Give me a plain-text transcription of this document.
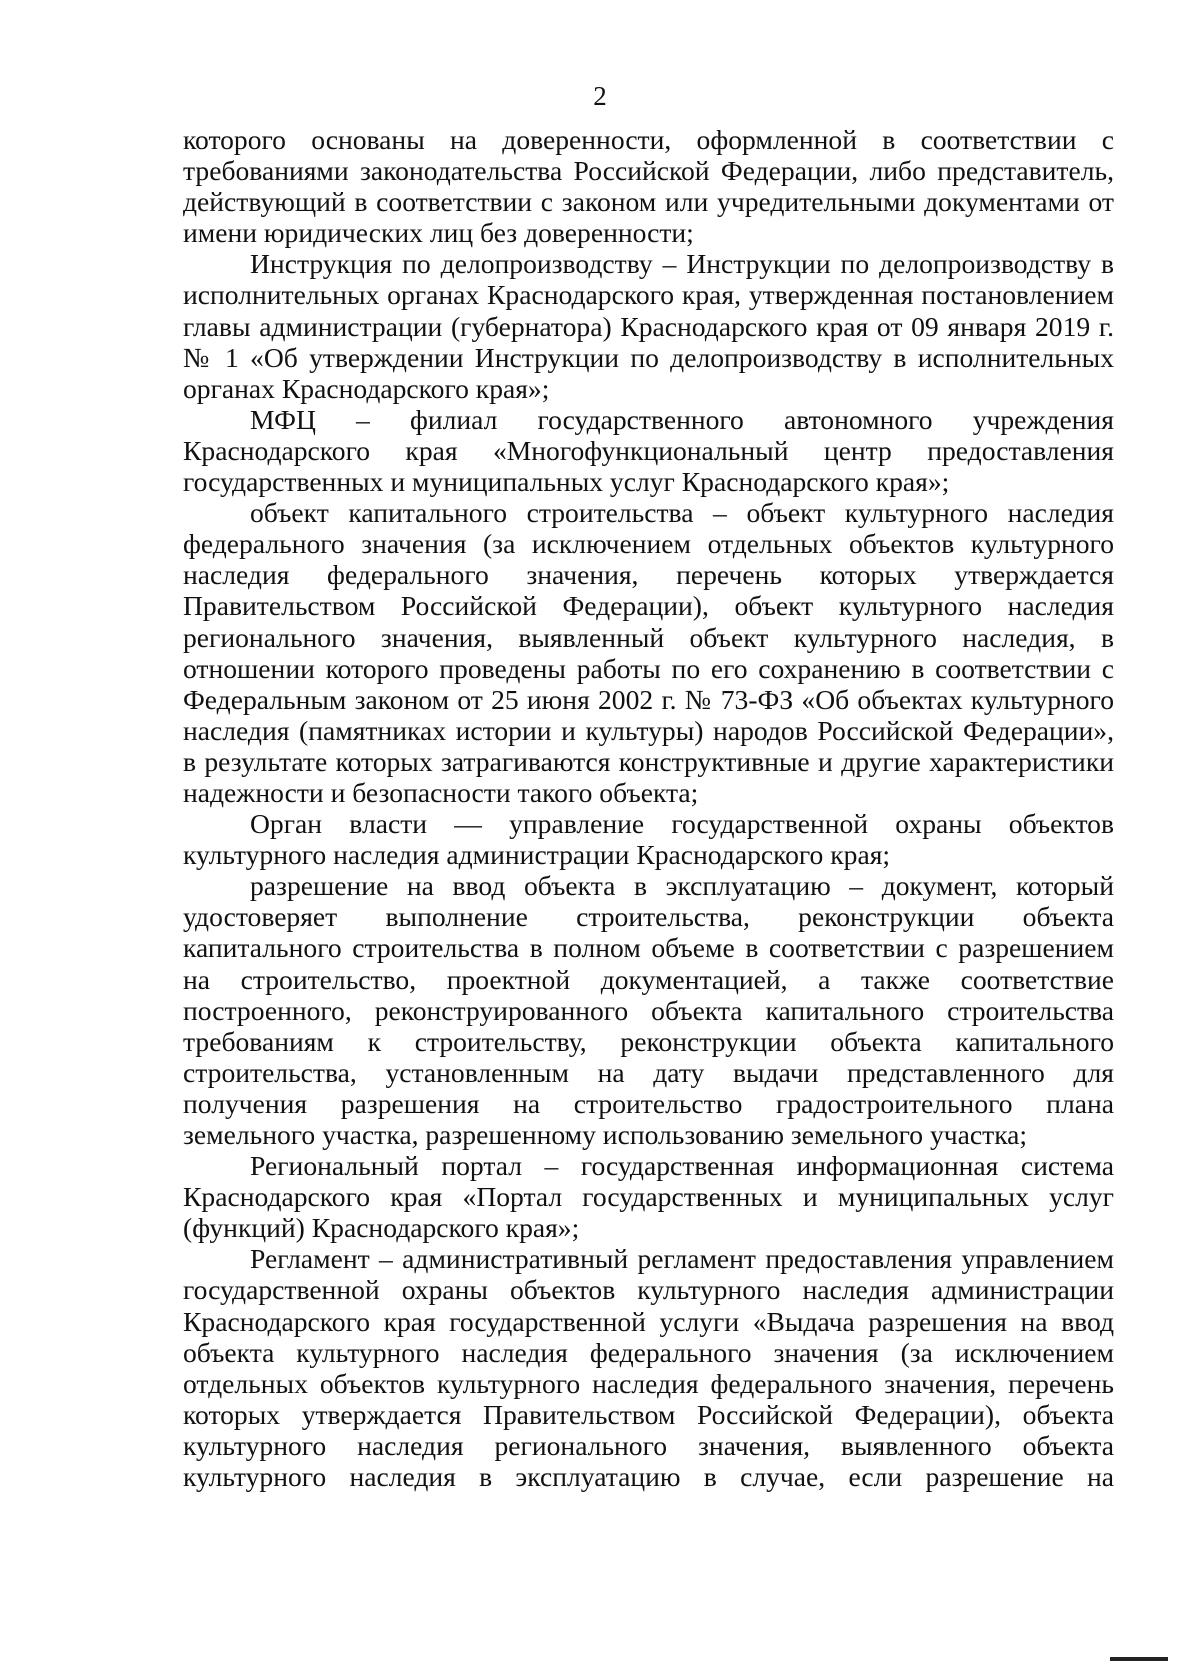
2

которого основаны на доверенности, оформленной в соответствии с требованиями законодательства Российской Федерации, либо представитель, действующий в соответствии с законом или учредительными документами от имени юридических лиц без доверенности;

Инструкция по делопроизводству – Инструкции по делопроизводству в исполнительных органах Краснодарского края, утвержденная постановлением главы администрации (губернатора) Краснодарского края от 09 января 2019 г. № 1 «Об утверждении Инструкции по делопроизводству в исполнительных органах Краснодарского края»;

МФЦ – филиал государственного автономного учреждения Краснодарского края «Многофункциональный центр предоставления государственных и муниципальных услуг Краснодарского края»;

объект капитального строительства – объект культурного наследия федерального значения (за исключением отдельных объектов культурного наследия федерального значения, перечень которых утверждается Правительством Российской Федерации), объект культурного наследия регионального значения, выявленный объект культурного наследия, в отношении которого проведены работы по его сохранению в соответствии с Федеральным законом от 25 июня 2002 г. № 73-ФЗ «Об объектах культурного наследия (памятниках истории и культуры) народов Российской Федерации», в результате которых затрагиваются конструктивные и другие характеристики надежности и безопасности такого объекта;

Орган власти — управление государственной охраны объектов культурного наследия администрации Краснодарского края;

разрешение на ввод объекта в эксплуатацию – документ, который удостоверяет выполнение строительства, реконструкции объекта капитального строительства в полном объеме в соответствии с разрешением на строительство, проектной документацией, а также соответствие построенного, реконструированного объекта капитального строительства требованиям к строительству, реконструкции объекта капитального строительства, установленным на дату выдачи представленного для получения разрешения на строительство градостроительного плана земельного участка, разрешенному использованию земельного участка;

Региональный портал – государственная информационная система Краснодарского края «Портал государственных и муниципальных услуг (функций) Краснодарского края»;

Регламент – административный регламент предоставления управлением государственной охраны объектов культурного наследия администрации Краснодарского края государственной услуги «Выдача разрешения на ввод объекта культурного наследия федерального значения (за исключением отдельных объектов культурного наследия федерального значения, перечень которых утверждается Правительством Российской Федерации), объекта культурного наследия регионального значения, выявленного объекта культурного наследия в эксплуатацию в случае, если разрешение на
